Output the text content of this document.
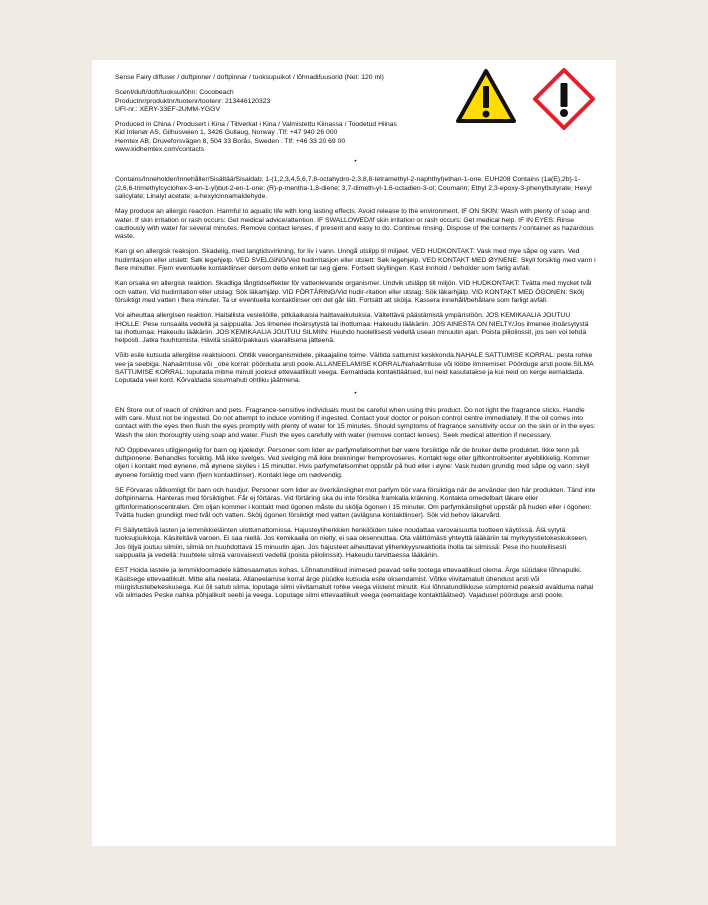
Sense Fairy diffuser / duftpinner / doftpinnar / tuoksupuikot / lõhnadifuusorid (Net: 120 ml)

Scent/duft/doft/tuoksu/lõhn: Cocobeach

Productnr/produktnr/tuotenr/tootenr: 213446120323

UFI-nr.: XERY-33EF-2UMM-YGGV

Produced in China / Produsert i Kina / Tillverkat i Kina / Valmistettu Kiinassa / Toodetud Hiinas

Kid Interiør AS, Gilhusveien 1, 3426 Gullaug, Norway .Tlf: +47 940 26 000

Hemtex AB, Druveforsvägen 8, 504 33 Borås, Sweden . Tlf: +46 33 20 69 00

www.kidhemtex.com/contacts

•

Contains/Inneholder/Innehåller/Sisältää/Sisaldab: 1-(1,2,3,4,5,6,7,8-octahydro-2,3,8,8-tetramethyl-2-naphthyl)ethan-1-one. EUH208 Contains (1a(E),2b)-1-(2,6,6-trimethylcyclohex-3-en-1-yl)but-2-en-1-one; (R)-p-mentha-1,8-diene; 3,7-dimeth-yl-1,6-octadien-3-ol; Coumarin; Ethyl 2,3-epoxy-3-phenylbutyrate; Hexyl salicylate; Linalyl acetate; a-hexylcinnamaldehyde.

May produce an allergic reaction. Harmful to aquatic life with long lasting effects. Avoid release to the environment. IF ON SKIN: Wash with plenty of soap and water. If skin irritation or rash occurs: Get medical advice/attention. IF SWALLOWED/If skin irritation or rash occurs: Get medical help. IF IN EYES: Rinse cautiously with water for several minutes. Remove contact lenses, if present and easy to do. Continue rinsing. Dispose of the contents / container as hazardous waste.

Kan gi en allergisk reaksjon. Skadelig, med langtidsvirkning, for liv i vann. Unngå utslipp til miljøet. VED HUDKONTAKT: Vask med mye såpe og vann. Ved hudirritasjon eller utslett: Søk legehjelp. VED SVELGING/Ved hudirritasjon eller utslett: Søk legehjelp. VED KONTAKT MED ØYNENE: Skyll forsiktig med vann i flere minutter. Fjern eventuelle kontaktlinser dersom dette enkelt lar seg gjøre. Fortsett skyllingen. Kast innhold / beholder som farlig avfall.

Kan orsaka en allergisk reaktion. Skadliga långtidseffekter för vattenlevande organismer. Undvik utsläpp till miljön. VID HUDKONTAKT: Tvätta med mycket tvål och vatten. Vid hudirritation eller utslag: Sök läkarhjälp. VID FÖRTÄRING/Vid hudir-ritation eller utslag: Sök läkarhjälp. VID KONTAKT MED ÖGONEN: Skölj försiktigt med vatten i flera minuter. Ta ur eventuella kontaktlinser om det går lätt. Fortsätt att skölja. Kassera innehåll/behållare som farligt avfall.

Voi aiheuttaa allergisen reaktion. Haitallista vesieliöille, pitkäaikaisia haittavaikutuksia. Vältettävä päästämistä ympäristöön. JOS KEMIKAALIA JOUTUU IHOLLE: Pese runsaalla vedellä ja saippualla. Jos ilmenee ihoärsytystä tai ihottumaa: Hakeudu lääkäriin. JOS AINESTA ON NIELTY/Jos ilmenee ihoärsytystä tai ihottumaa: Hakeudu lääkäriin. JOS KEMIKAALIA JOUTUU SILMIIN: Huuhdo huolellisesti vedellä usean minuutin ajan. Poista piilolinssit, jos sen voi tehdä helposti. Jatka huuhtomista. Hävitä sisältö/pakkaus vaarallisena jätteenä.

Võib esile kutsuda allergilise reaktsiooni. Ohtlik veeorganismidele, pikaajaline toime. Vältida sattumist keskkonda.NAHALE SATTUMISE KORRAL: pesta rohke vee ja seebiga. Nahaärrituse või _obe korral: pöörduda arsti poole.ALLANEELAMISE KORRAL/Nahaärrituse või lööbe ilmnemisel: Pöörduge arsti poole.SILMA SATTUMISE KORRAL: loputada mitme minuti jooksul ettevaatlikult veega. Eemaldada kontaktläätsed, kui neid kasutatakse ja kui neid on kerge eemaldada. Loputada veel kord. Kõrvaldada sisu/mahuti ohtliku jäätmena.

•

EN Store out of reach of children and pets. Fragrance-sensitive individuals must be careful when using this product. Do not light the fragrance sticks. Handle with care. Must not be ingested. Do not attempt to induce vomiting if ingested. Contact your doctor or poison control centre immediately. If the oil comes into contact with the eyes then flush the eyes promptly with plenty of water for 15 minutes. Should symptoms of fragrance sensitivity occur on the skin or in the eyes: Wash the skin thoroughly using soap and water. Flush the eyes carefully with water (remove contact lenses). Seek medical attention if necessary.

NO Oppbevares utilgjengelig for barn og kjæledyr. Personer som lider av parfymefølsomhet bør være forsiktige når de bruker dette produktet. Ikke tenn på duftpinnene. Behandles forsiktig. Må ikke svelges. Ved svelging må ikke brekninger fremprovoseres. Kontakt lege eller giftkontrollsenter øyeblikkelig. Kommer oljen i kontakt med øynene, må øynene skylles i 15 minutter. Hvis parfymefølsomhet oppstår på hud eller i øyne: Vask huden grundig med såpe og vann: skyll øynene forsiktig med vann (fjern kontaktlinser). Kontakt lege om nødvendig.

SE Förvaras oåtkomligt för barn och husdjur. Personer som lider av överkänslighet mot parfym bör vara försiktiga när de använder den här produkten. Tänd inte doftpinnarna. Hanteras med försiktighet. Får ej förtäras. Vid förtäring ska du inte försöka framkalla kräkning. Kontakta omedelbart läkare eller giftinformationscentralen. Om oljan kommer i kontakt med ögonen måste du skölja ögonen i 15 minuter. Om parfymkänslighet uppstår på huden eller i ögonen: Tvätta huden grundligt med tvål och vatten. Skölj ögonen försiktigt med vatten (avlägsna kontaktlinser). Sök vid behov läkarvård.

FI Säilytettävä lasten ja lemmikkieläinten ulottumattomissa. Hajusteyliherkkien henkilöiden tulee noudattaa varovaisuutta tuotteen käytössä. Älä sytytä tuoksupuikkoja. Käsiteltävä varoen. Ei saa niellä. Jos kemikaalia on nielty, ei saa oksennuttaa. Ota välittömästi yhteyttä lääkäriin tai myrkytystietokeskukseen. Jos öljyä joutuu silmiin, silmiä on huuhdottava 15 minuutin ajan. Jos hajusteet aiheuttavat yliherkkyysreaktioita iholla tai silmissä: Pese iho huolellisesti saippualla ja vedellä: huuhtele silmiä varovaisesti vedellä (poista piilolinssit). Hakeudu tarvittaessa lääkäriin.

EST Hoida lastele ja lemmikloomadele kättesaamatus kohas. Lõhnatundlikud inimesed peavad selle tootega ettevaatlikud olema. Ärge süüdake lõhnapulki. Käsitsege ettevaatlikult. Mitte alla neelata. Allaneelamise korral ärge püüdke kutsuda esile oksendamist. Võtke viivitamatult ühendust arsti või mürgistustebekeskusega. Kui õli satub silma, loputage silmi viivitamatult rohke veega viisteist minutit. Kui lõhnatundlikkuse sümptomid peaksid avalduma nahal või silmades Peske nahka põhjalikult seebi ja veega. Loputage silmi ettevaatlikult veega (eemaldage kontaktläätsed). Vajadusel pöörduge arsti poole.
